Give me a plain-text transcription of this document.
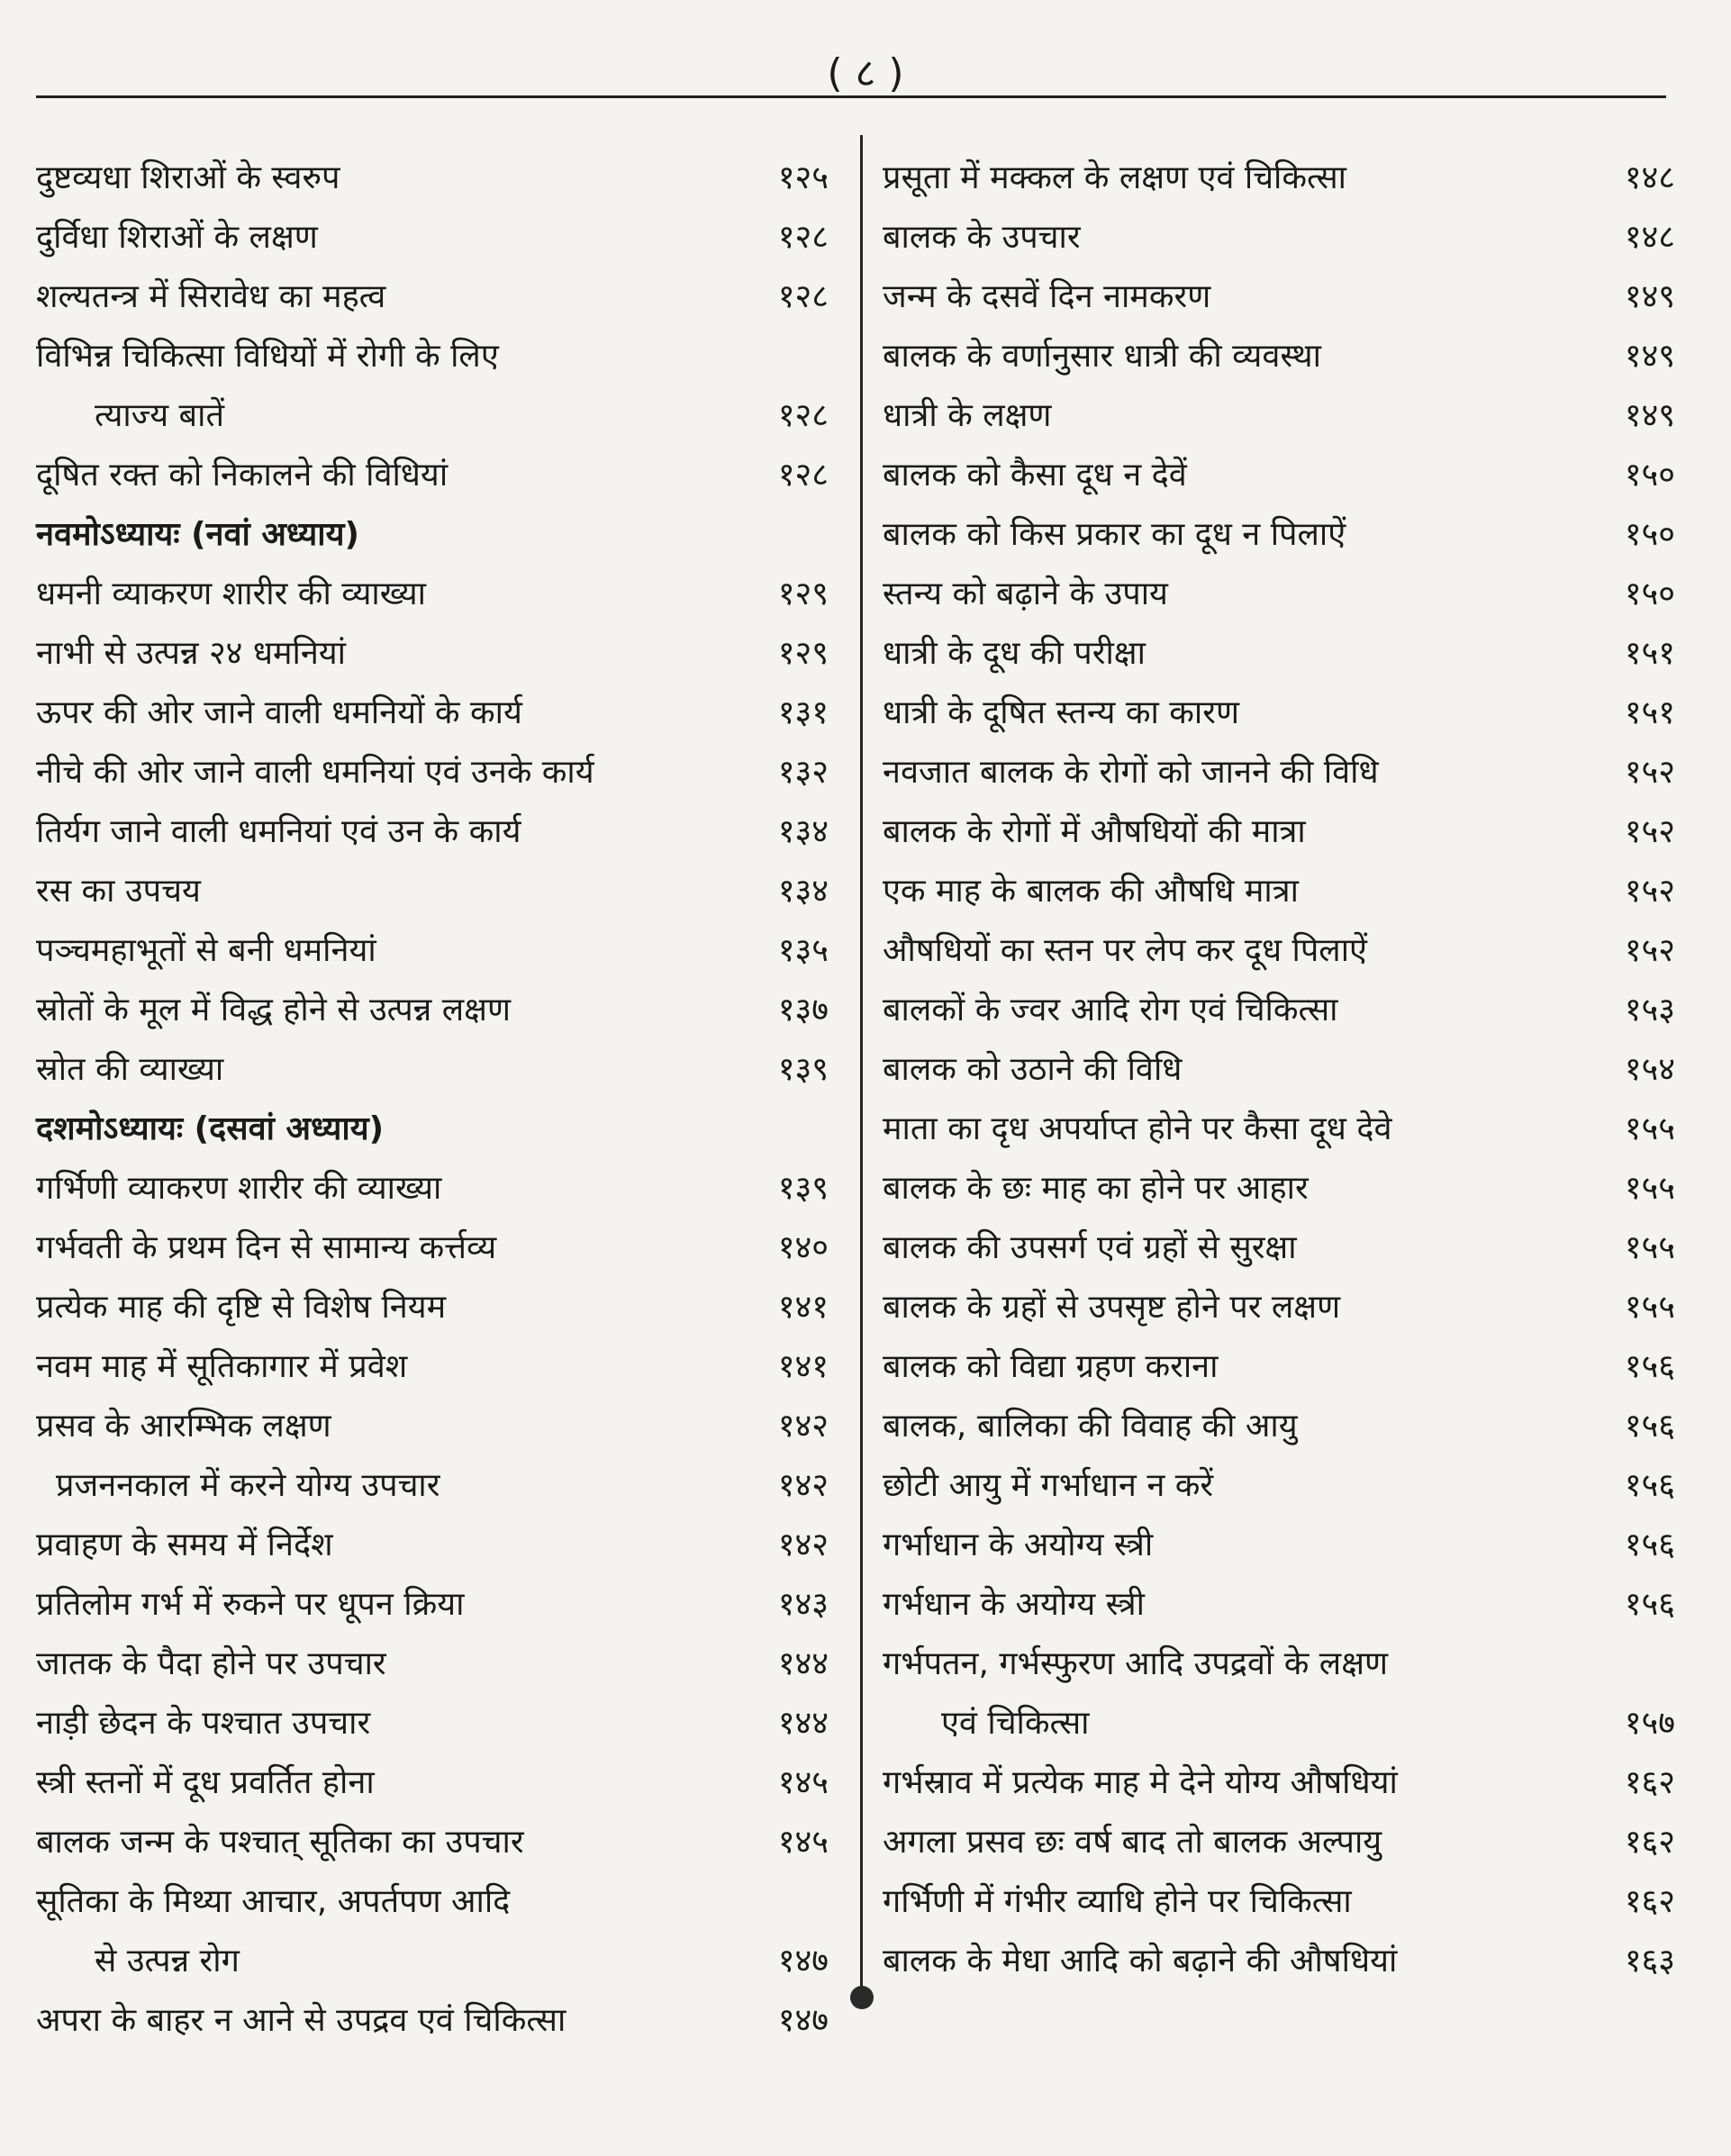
( ८ )
दुष्टव्यधा शिराओं के स्वरुप	१२५
दुर्विधा शिराओं के लक्षण	१२८
शल्यतन्त्र में सिरावेध का महत्व	१२८
विभिन्न चिकित्सा विधियों में रोगी के लिए
त्याज्य बातें	१२८
दूषित रक्त को निकालने की विधियां	१२८
नवमोऽध्यायः (नवां अध्याय)
धमनी व्याकरण शारीर की व्याख्या	१२९
नाभी से उत्पन्न २४ धमनियां	१२९
ऊपर की ओर जाने वाली धमनियों के कार्य	१३१
नीचे की ओर जाने वाली धमनियां एवं उनके कार्य	१३२
तिर्यग जाने वाली धमनियां एवं उन के कार्य	१३४
रस का उपचय	१३४
पञ्चमहाभूतों से बनी धमनियां	१३५
स्रोतों के मूल में विद्ध होने से उत्पन्न लक्षण	१३७
स्रोत की व्याख्या	१३९
दशमोऽध्यायः (दसवां अध्याय)
गर्भिणी व्याकरण शारीर की व्याख्या	१३९
गर्भवती के प्रथम दिन से सामान्य कर्त्तव्य	१४०
प्रत्येक माह की दृष्टि से विशेष नियम	१४१
नवम माह में सूतिकागार में प्रवेश	१४१
प्रसव के आरम्भिक लक्षण	१४२
प्रजननकाल में करने योग्य उपचार	१४२
प्रवाहण के समय में निर्देश	१४२
प्रतिलोम गर्भ में रुकने पर धूपन क्रिया	१४३
जातक के पैदा होने पर उपचार	१४४
नाड़ी छेदन के पश्चात उपचार	१४४
स्त्री स्तनों में दूध प्रवर्तित होना	१४५
बालक जन्म के पश्चात् सूतिका का उपचार	१४५
सूतिका के मिथ्या आचार, अपर्तपण आदि
से उत्पन्न रोग	१४७
अपरा के बाहर न आने से उपद्रव एवं चिकित्सा	१४७
प्रसूता में मक्कल के लक्षण एवं चिकित्सा	१४८
बालक के उपचार	१४८
जन्म के दसवें दिन नामकरण	१४९
बालक के वर्णानुसार धात्री की व्यवस्था	१४९
धात्री के लक्षण	१४९
बालक को कैसा दूध न देवें	१५०
बालक को किस प्रकार का दूध न पिलाऐं	१५०
स्तन्य को बढ़ाने के उपाय	१५०
धात्री के दूध की परीक्षा	१५१
धात्री के दूषित स्तन्य का कारण	१५१
नवजात बालक के रोगों को जानने की विधि	१५२
बालक के रोगों में औषधियों की मात्रा	१५२
एक माह के बालक की औषधि मात्रा	१५२
औषधियों का स्तन पर लेप कर दूध पिलाऐं	१५२
बालकों के ज्वर आदि रोग एवं चिकित्सा	१५३
बालक को उठाने की विधि	१५४
माता का दृध अपर्याप्त होने पर कैसा दूध देवे	१५५
बालक के छः माह का होने पर आहार	१५५
बालक की उपसर्ग एवं ग्रहों से सुरक्षा	१५५
बालक के ग्रहों से उपसृष्ट होने पर लक्षण	१५५
बालक को विद्या ग्रहण कराना	१५६
बालक, बालिका की विवाह की आयु	१५६
छोटी आयु में गर्भाधान न करें	१५६
गर्भाधान के अयोग्य स्त्री	१५६
गर्भधान के अयोग्य स्त्री	१५६
गर्भपतन, गर्भस्फुरण आदि उपद्रवों के लक्षण
एवं चिकित्सा	१५७
गर्भस्राव में प्रत्येक माह मे देने योग्य औषधियां	१६२
अगला प्रसव छः वर्ष बाद तो बालक अल्पायु	१६२
गर्भिणी में गंभीर व्याधि होने पर चिकित्सा	१६२
बालक के मेधा आदि को बढ़ाने की औषधियां	१६३
